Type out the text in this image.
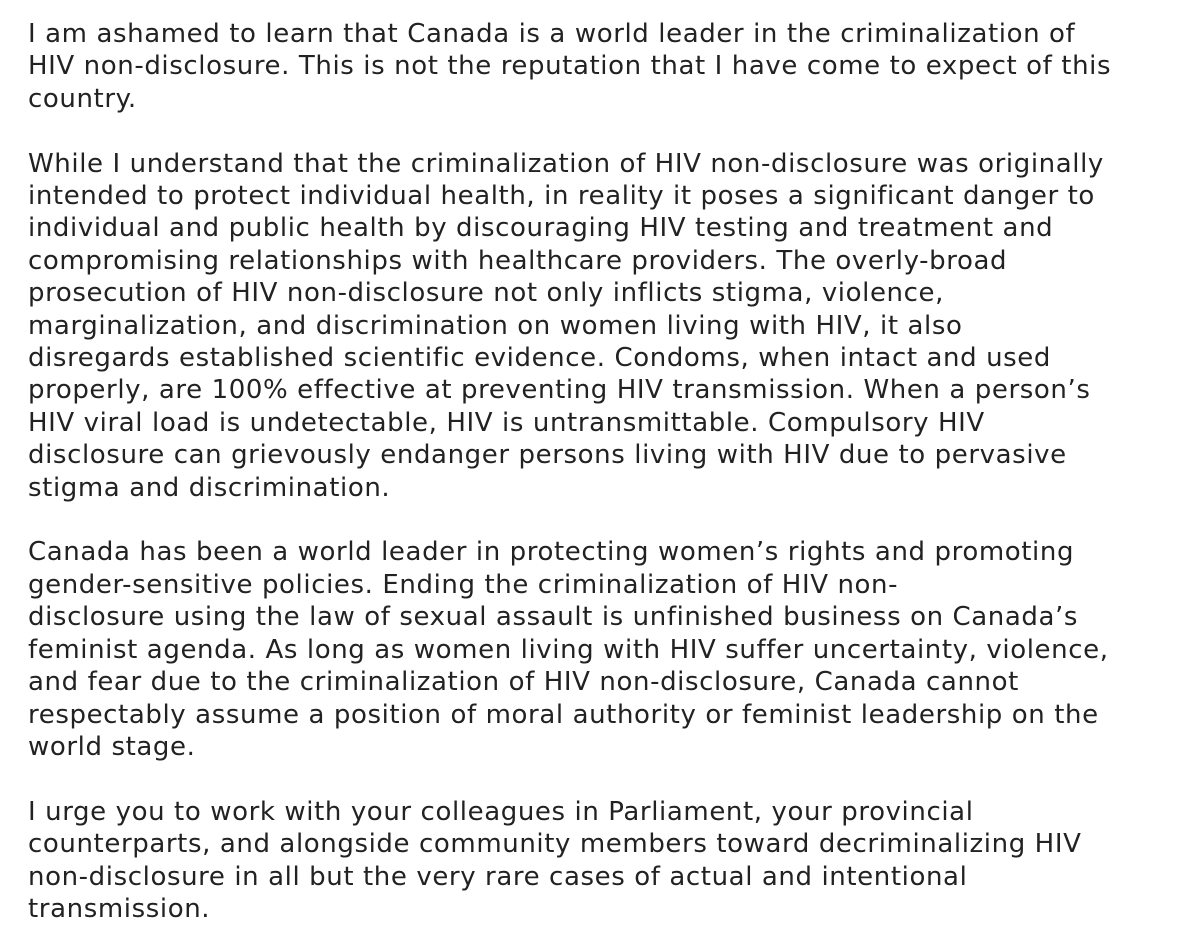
I am ashamed to learn that Canada is a world leader in the criminalization of
HIV non-disclosure. This is not the reputation that I have come to expect of this
country.

While I understand that the criminalization of HIV non-disclosure was originally
intended to protect individual health, in reality it poses a significant danger to
individual and public health by discouraging HIV testing and treatment and
compromising relationships with healthcare providers. The overly-broad
prosecution of HIV non-disclosure not only inflicts stigma, violence,
marginalization, and discrimination on women living with HIV, it also
disregards established scientific evidence. Condoms, when intact and used
properly, are 100% effective at preventing HIV transmission. When a person’s
HIV viral load is undetectable, HIV is untransmittable. Compulsory HIV
disclosure can grievously endanger persons living with HIV due to pervasive
stigma and discrimination.

Canada has been a world leader in protecting women’s rights and promoting
gender-sensitive policies. Ending the criminalization of HIV non-
disclosure using the law of sexual assault is unfinished business on Canada’s
feminist agenda. As long as women living with HIV suffer uncertainty, violence,
and fear due to the criminalization of HIV non-disclosure, Canada cannot
respectably assume a position of moral authority or feminist leadership on the
world stage.

I urge you to work with your colleagues in Parliament, your provincial
counterparts, and alongside community members toward decriminalizing HIV
non-disclosure in all but the very rare cases of actual and intentional
transmission.
